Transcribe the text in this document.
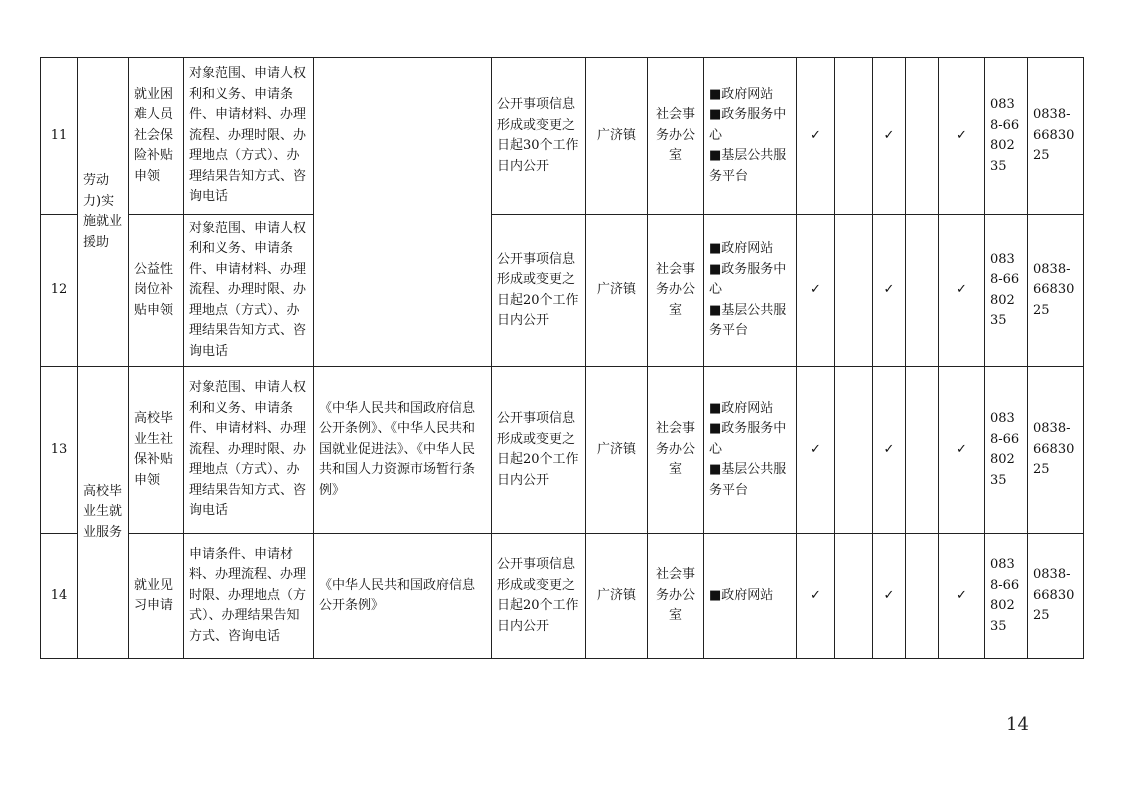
11	劳动力)实施就业援助	就业困难人员社会保险补贴申领	对象范围、申请人权利和义务、申请条件、申请材料、办理流程、办理时限、办理地点（方式）、办理结果告知方式、咨询电话		公开事项信息形成或变更之日起30个工作日内公开	广济镇	社会事务办公室	■政府网站
■政务服务中心
■基层公共服务平台	✓		✓		✓	0838-6680235	0838-6683025
12		公益性岗位补贴申领	对象范围、申请人权利和义务、申请条件、申请材料、办理流程、办理时限、办理地点（方式）、办理结果告知方式、咨询电话		公开事项信息形成或变更之日起20个工作日内公开	广济镇	社会事务办公室	■政府网站
■政务服务中心
■基层公共服务平台	✓		✓		✓	0838-6680235	0838-6683025
13	高校毕业生就业服务	高校毕业生社保补贴申领	对象范围、申请人权利和义务、申请条件、申请材料、办理流程、办理时限、办理地点（方式）、办理结果告知方式、咨询电话	《中华人民共和国政府信息公开条例》、《中华人民共和国就业促进法》、《中华人民共和国人力资源市场暂行条例》	公开事项信息形成或变更之日起20个工作日内公开	广济镇	社会事务办公室	■政府网站
■政务服务中心
■基层公共服务平台	✓		✓		✓	0838-6680235	0838-6683025
14		就业见习申请	申请条件、申请材料、办理流程、办理时限、办理地点（方式）、办理结果告知方式、咨询电话	《中华人民共和国政府信息公开条例》	公开事项信息形成或变更之日起20个工作日内公开	广济镇	社会事务办公室	■政府网站	✓		✓		✓	0838-6680235	0838-6683025
14
